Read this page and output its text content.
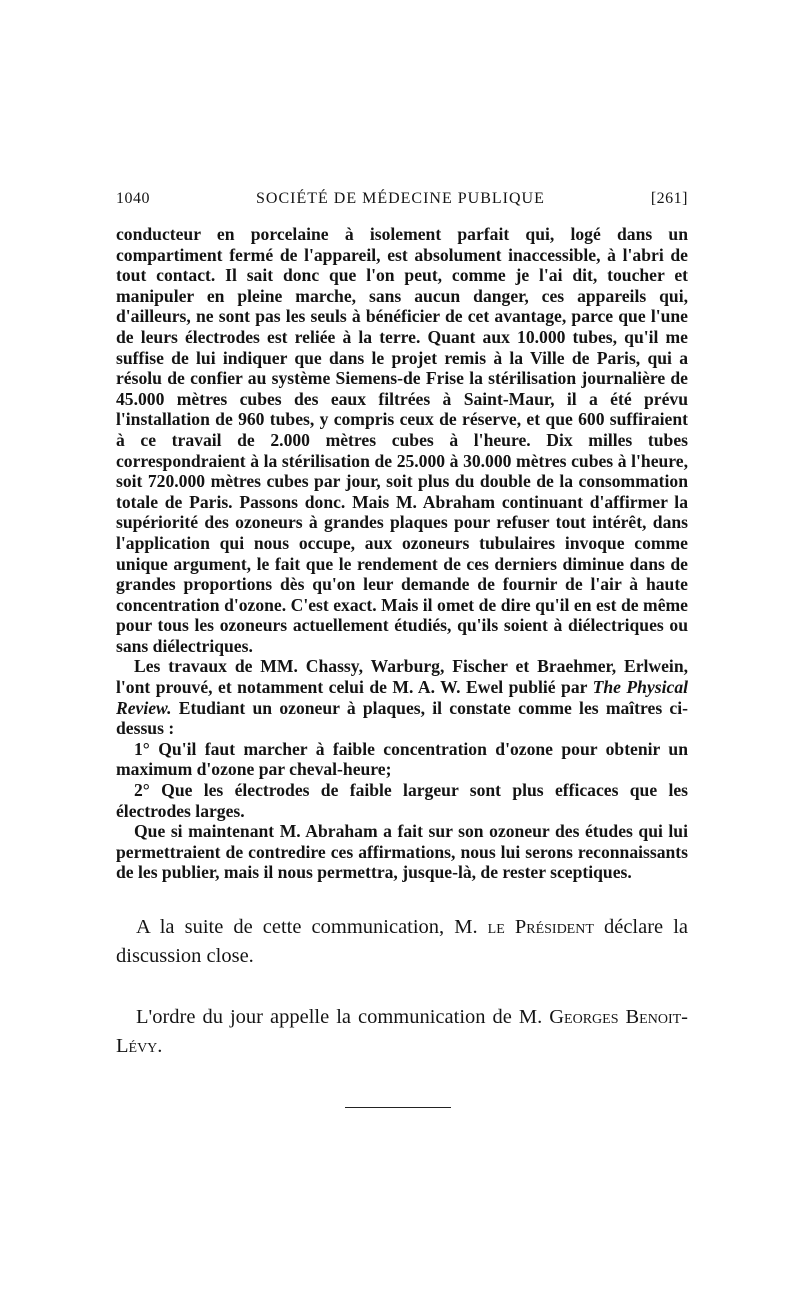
1040	SOCIÉTÉ DE MÉDECINE PUBLIQUE	[261]

conducteur en porcelaine à isolement parfait qui, logé dans un compartiment fermé de l'appareil, est absolument inaccessible, à l'abri de tout contact. Il sait donc que l'on peut, comme je l'ai dit, toucher et manipuler en pleine marche, sans aucun danger, ces appareils qui, d'ailleurs, ne sont pas les seuls à bénéficier de cet avantage, parce que l'une de leurs électrodes est reliée à la terre. Quant aux 10.000 tubes, qu'il me suffise de lui indiquer que dans le projet remis à la Ville de Paris, qui a résolu de confier au système Siemens-de Frise la stérilisation journalière de 45.000 mètres cubes des eaux filtrées à Saint-Maur, il a été prévu l'installation de 960 tubes, y compris ceux de réserve, et que 600 suffiraient à ce travail de 2.000 mètres cubes à l'heure. Dix milles tubes correspondraient à la stérilisation de 25.000 à 30.000 mètres cubes à l'heure, soit 720.000 mètres cubes par jour, soit plus du double de la consommation totale de Paris. Passons donc. Mais M. Abraham continuant d'affirmer la supériorité des ozoneurs à grandes plaques pour refuser tout intérêt, dans l'application qui nous occupe, aux ozoneurs tubulaires invoque comme unique argument, le fait que le rendement de ces derniers diminue dans de grandes proportions dès qu'on leur demande de fournir de l'air à haute concentration d'ozone. C'est exact. Mais il omet de dire qu'il en est de même pour tous les ozoneurs actuellement étudiés, qu'ils soient à diélectriques ou sans diélectriques.

Les travaux de MM. Chassy, Warburg, Fischer et Braehmer, Erlwein, l'ont prouvé, et notamment celui de M. A. W. Ewel publié par The Physical Review. Etudiant un ozoneur à plaques, il constate comme les maîtres ci-dessus :

1° Qu'il faut marcher à faible concentration d'ozone pour obtenir un maximum d'ozone par cheval-heure;

2° Que les électrodes de faible largeur sont plus efficaces que les électrodes larges.

Que si maintenant M. Abraham a fait sur son ozoneur des études qui lui permettraient de contredire ces affirmations, nous lui serons reconnaissants de les publier, mais il nous permettra, jusque-là, de rester sceptiques.

A la suite de cette communication, M. le Président déclare la discussion close.

L'ordre du jour appelle la communication de M. Georges Benoit-Lévy.
